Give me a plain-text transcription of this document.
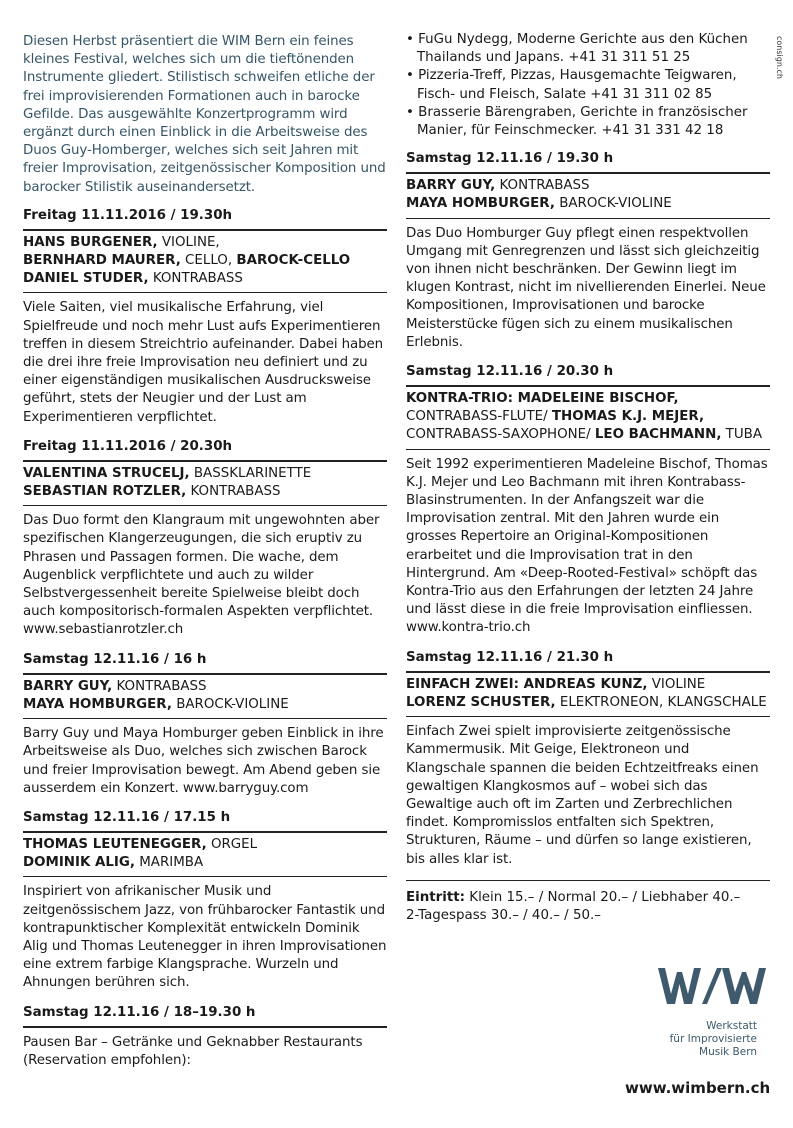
consign.ch

Diesen Herbst präsentiert die WIM Bern ein feines kleines Festival, welches sich um die tieftönenden Instrumente gliedert. Stilistisch schweifen etliche der frei improvisierenden Formationen auch in barocke Gefilde. Das ausgewählte Konzertprogramm wird ergänzt durch einen Einblick in die Arbeitsweise des Duos Guy-Homberger, welches sich seit Jahren mit freier Improvisation, zeitgenössischer Komposition und barocker Stilistik auseinandersetzt.

Freitag 11.11.2016 / 19.30h
HANS BURGENER, VIOLINE,
BERNHARD MAURER, CELLO, BAROCK-CELLO
DANIEL STUDER, KONTRABASS

Viele Saiten, viel musikalische Erfahrung, viel Spielfreude und noch mehr Lust aufs Experimentieren treffen in diesem Streichtrio aufeinander. Dabei haben die drei ihre freie Improvisation neu definiert und zu einer eigenständigen musikalischen Ausdrucksweise geführt, stets der Neugier und der Lust am Experimentieren verpflichtet.

Freitag 11.11.2016 / 20.30h
VALENTINA STRUCELJ, BASSKLARINETTE
SEBASTIAN ROTZLER, KONTRABASS

Das Duo formt den Klangraum mit ungewohnten aber spezifischen Klangerzeugungen, die sich eruptiv zu Phrasen und Passagen formen. Die wache, dem Augenblick verpflichtete und auch zu wilder Selbstvergessenheit bereite Spielweise bleibt doch auch kompositorisch-formalen Aspekten verpflichtet. www.sebastianrotzler.ch

Samstag 12.11.16 / 16 h
BARRY GUY, KONTRABASS
MAYA HOMBURGER, BAROCK-VIOLINE

Barry Guy und Maya Homburger geben Einblick in ihre Arbeitsweise als Duo, welches sich zwischen Barock und freier Improvisation bewegt. Am Abend geben sie ausserdem ein Konzert. www.barryguy.com

Samstag 12.11.16 / 17.15 h
THOMAS LEUTENEGGER, ORGEL
DOMINIK ALIG, MARIMBA

Inspiriert von afrikanischer Musik und zeitgenössischem Jazz, von frühbarocker Fantastik und kontrapunktischer Komplexität entwickeln Dominik Alig und Thomas Leutenegger in ihren Improvisationen eine extrem farbige Klangsprache. Wurzeln und Ahnungen berühren sich.

Samstag 12.11.16 / 18–19.30 h

Pausen Bar – Getränke und Geknabber Restaurants (Reservation empfohlen):

• FuGu Nydegg, Moderne Gerichte aus den Küchen Thailands und Japans. +41 31 311 51 25

• Pizzeria-Treff, Pizzas, Hausgemachte Teigwaren, Fisch- und Fleisch, Salate +41 31 311 02 85

• Brasserie Bärengraben, Gerichte in französischer Manier, für Feinschmecker. +41 31 331 42 18

Samstag 12.11.16 / 19.30 h
BARRY GUY, KONTRABASS
MAYA HOMBURGER, BAROCK-VIOLINE

Das Duo Homburger Guy pflegt einen respektvollen Umgang mit Genregrenzen und lässt sich gleichzeitig von ihnen nicht beschränken. Der Gewinn liegt im klugen Kontrast, nicht im nivellierenden Einerlei. Neue Kompositionen, Improvisationen und barocke Meisterstücke fügen sich zu einem musikalischen Erlebnis.

Samstag 12.11.16 / 20.30 h
KONTRA-TRIO: MADELEINE BISCHOF,
CONTRABASS-FLUTE/ THOMAS K.J. MEJER,
CONTRABASS-SAXOPHONE/ LEO BACHMANN, TUBA

Seit 1992 experimentieren Madeleine Bischof, Thomas K.J. Mejer und Leo Bachmann mit ihren Kontrabass-Blasinstrumenten. In der Anfangszeit war die Improvisation zentral. Mit den Jahren wurde ein grosses Repertoire an Original-Kompositionen erarbeitet und die Improvisation trat in den Hintergrund. Am «Deep-Rooted-Festival» schöpft das Kontra-Trio aus den Erfahrungen der letzten 24 Jahre und lässt diese in die freie Improvisation einfliessen. www.kontra-trio.ch

Samstag 12.11.16 / 21.30 h
EINFACH ZWEI: ANDREAS KUNZ, VIOLINE
LORENZ SCHUSTER, ELEKTRONEON, KLANGSCHALE

Einfach Zwei spielt improvisierte zeitgenössische Kammermusik. Mit Geige, Elektroneon und Klangschale spannen die beiden Echtzeitfreaks einen gewaltigen Klangkosmos auf – wobei sich das Gewaltige auch oft im Zarten und Zerbrechlichen findet. Kompromisslos entfalten sich Spektren, Strukturen, Räume – und dürfen so lange existieren, bis alles klar ist.

Eintritt: Klein 15.– / Normal 20.– / Liebhaber 40.–
2-Tagespass 30.– / 40.– / 50.–
Werkstatt
für Improvisierte
Musik Bern
www.wimbern.ch
